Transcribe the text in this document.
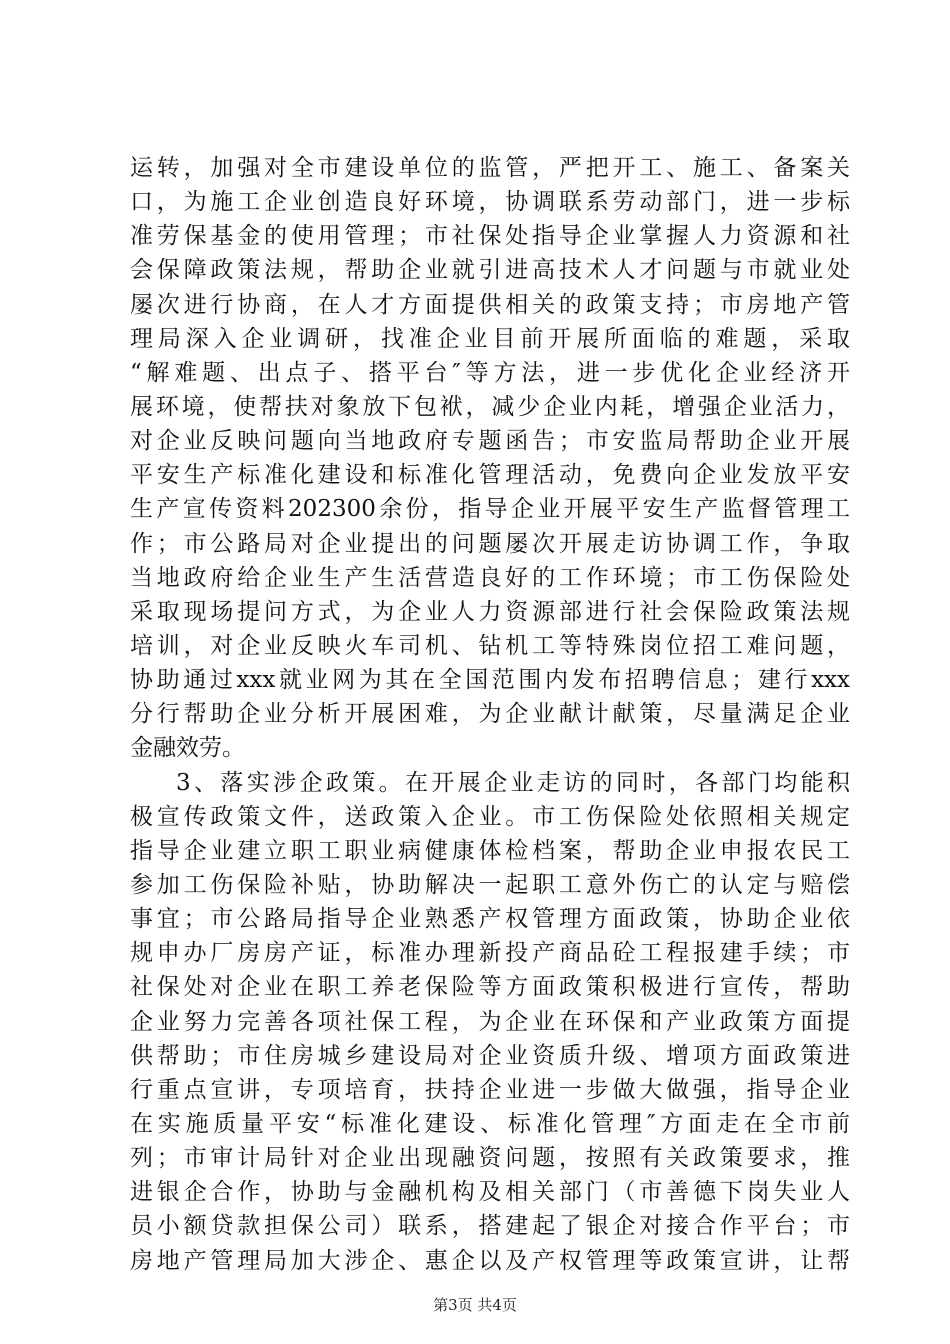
运转，加强对全市建设单位的监管，严把开工、施工、备案关
口，为施工企业创造良好环境，协调联系劳动部门，进一步标
准劳保基金的使用管理；市社保处指导企业掌握人力资源和社
会保障政策法规，帮助企业就引进高技术人才问题与市就业处
屡次进行协商，在人才方面提供相关的政策支持；市房地产管
理局深入企业调研，找准企业目前开展所面临的难题，采取
“解难题、出点子、搭平台″等方法，进一步优化企业经济开
展环境，使帮扶对象放下包袱，减少企业内耗，增强企业活力，
对企业反映问题向当地政府专题函告；市安监局帮助企业开展
平安生产标准化建设和标准化管理活动，免费向企业发放平安
生产宣传资料202300余份，指导企业开展平安生产监督管理工
作；市公路局对企业提出的问题屡次开展走访协调工作，争取
当地政府给企业生产生活营造良好的工作环境；市工伤保险处
采取现场提问方式，为企业人力资源部进行社会保险政策法规
培训，对企业反映火车司机、钻机工等特殊岗位招工难问题，
协助通过xxx就业网为其在全国范围内发布招聘信息；建行xxx
分行帮助企业分析开展困难，为企业献计献策，尽量满足企业
金融效劳。
3、落实涉企政策。在开展企业走访的同时，各部门均能积
极宣传政策文件，送政策入企业。市工伤保险处依照相关规定
指导企业建立职工职业病健康体检档案，帮助企业申报农民工
参加工伤保险补贴，协助解决一起职工意外伤亡的认定与赔偿
事宜；市公路局指导企业熟悉产权管理方面政策，协助企业依
规申办厂房房产证，标准办理新投产商品砼工程报建手续；市
社保处对企业在职工养老保险等方面政策积极进行宣传，帮助
企业努力完善各项社保工程，为企业在环保和产业政策方面提
供帮助；市住房城乡建设局对企业资质升级、增项方面政策进
行重点宣讲，专项培育，扶持企业进一步做大做强，指导企业
在实施质量平安“标准化建设、标准化管理″方面走在全市前
列；市审计局针对企业出现融资问题，按照有关政策要求，推
进银企合作，协助与金融机构及相关部门（市善德下岗失业人
员小额贷款担保公司）联系，搭建起了银企对接合作平台；市
房地产管理局加大涉企、惠企以及产权管理等政策宣讲，让帮
第3页 共4页
